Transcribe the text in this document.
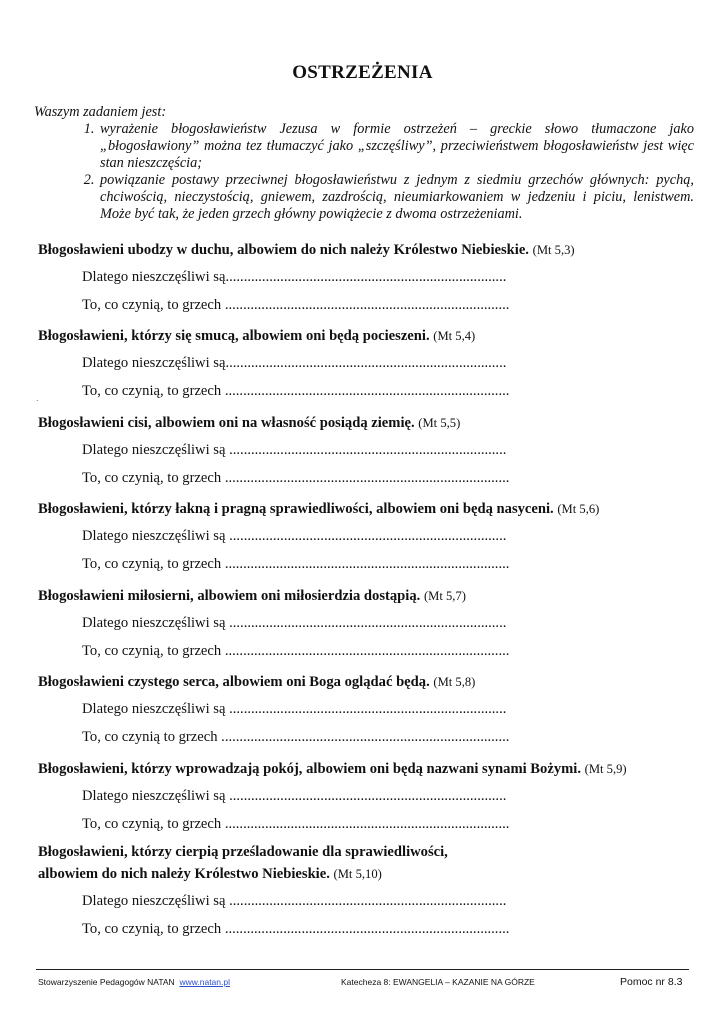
OSTRZEŻENIA
Waszym zadaniem jest:
1. wyrażenie błogosławieństw Jezusa w formie ostrzeżeń – greckie słowo tłumaczone jako „błogosławiony” można tez tłumaczyć jako „szczęśliwy”, przeciwieństwem błogosławieństw jest więc stan nieszczęścia;
2. powiązanie postawy przeciwnej błogosławieństwu z jednym z siedmiu grzechów głównych: pychą, chciwością, nieczystością, gniewem, zazdrością, nieumiarkowaniem w jedzeniu i piciu, lenistwem. Może być tak, że jeden grzech główny powiążecie z dwoma ostrzeżeniami.
·
Błogosławieni ubodzy w duchu, albowiem do nich należy Królestwo Niebieskie. (Mt 5,3)
Dlatego nieszczęśliwi są.............................................................................
To, co czynią, to grzech ..............................................................................
Błogosławieni, którzy się smucą, albowiem oni będą pocieszeni. (Mt 5,4)
Dlatego nieszczęśliwi są.............................................................................
To, co czynią, to grzech ..............................................................................
Błogosławieni cisi, albowiem oni na własność posiądą ziemię. (Mt 5,5)
Dlatego nieszczęśliwi są ............................................................................
To, co czynią, to grzech ..............................................................................
Błogosławieni, którzy łakną i pragną sprawiedliwości, albowiem oni będą nasyceni. (Mt 5,6)
Dlatego nieszczęśliwi są ............................................................................
To, co czynią, to grzech ..............................................................................
Błogosławieni miłosierni, albowiem oni miłosierdzia dostąpią. (Mt 5,7)
Dlatego nieszczęśliwi są ............................................................................
To, co czynią, to grzech ..............................................................................
Błogosławieni czystego serca, albowiem oni Boga oglądać będą. (Mt 5,8)
Dlatego nieszczęśliwi są ............................................................................
To, co czynią to grzech ...............................................................................
Błogosławieni, którzy wprowadzają pokój, albowiem oni będą nazwani synami Bożymi. (Mt 5,9)
Dlatego nieszczęśliwi są ............................................................................
To, co czynią, to grzech ..............................................................................
Błogosławieni, którzy cierpią prześladowanie dla sprawiedliwości,
albowiem do nich należy Królestwo Niebieskie. (Mt 5,10)
Dlatego nieszczęśliwi są ............................................................................
To, co czynią, to grzech ..............................................................................
Stowarzyszenie Pedagogów NATAN www.natan.pl	Katecheza 8: EWANGELIA – KAZANIE NA GÓRZE	Pomoc nr 8.3
